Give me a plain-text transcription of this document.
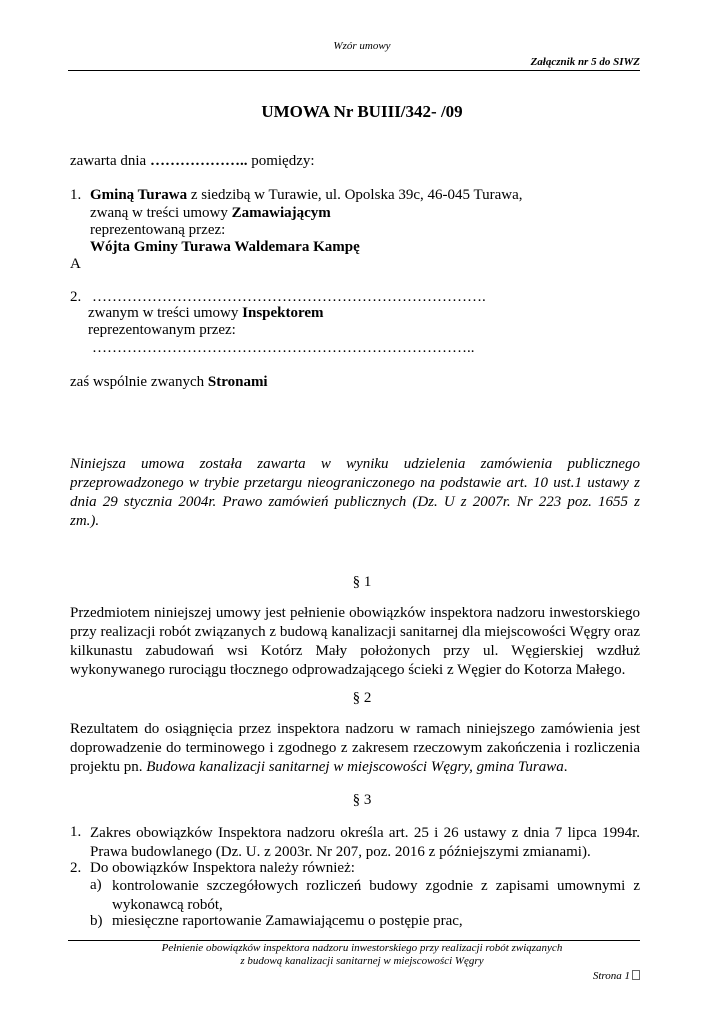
Wzór umowy
Załącznik nr 5 do SIWZ
UMOWA Nr BUIII/342- /09
zawarta dnia ……………….. pomiędzy:
1. Gminą Turawa z siedzibą w Turawie, ul. Opolska 39c, 46-045 Turawa,
zwaną w treści umowy Zamawiającym
reprezentowaną przez:
Wójta Gminy Turawa Waldemara Kampę
A
2. …………………………………………………………………….
zwanym w treści umowy Inspektorem
reprezentowanym przez:
…………………………………………………………………..
zaś wspólnie zwanych Stronami
Niniejsza umowa została zawarta w wyniku udzielenia zamówienia publicznego
przeprowadzonego w trybie przetargu nieograniczonego na podstawie art. 10 ust.1 ustawy z
dnia 29 stycznia 2004r. Prawo zamówień publicznych (Dz. U z 2007r. Nr 223 poz. 1655 z
zm.).
§ 1
Przedmiotem niniejszej umowy jest pełnienie obowiązków inspektora nadzoru inwestorskiego
przy realizacji robót związanych z budową kanalizacji sanitarnej dla miejscowości Węgry oraz
kilkunastu zabudowań wsi Kotórz Mały położonych przy ul. Węgierskiej wzdłuż
wykonywanego rurociągu tłocznego odprowadzającego ścieki z Węgier do Kotorza Małego.
§ 2
Rezultatem do osiągnięcia przez inspektora nadzoru w ramach niniejszego zamówienia jest
doprowadzenie do terminowego i zgodnego z zakresem rzeczowym zakończenia i rozliczenia
projektu pn. Budowa kanalizacji sanitarnej w miejscowości Węgry, gmina Turawa.
§ 3
1. Zakres obowiązków Inspektora nadzoru określa art. 25 i 26 ustawy z dnia 7 lipca 1994r.
Prawa budowlanego (Dz. U. z 2003r. Nr 207, poz. 2016 z późniejszymi zmianami).
2. Do obowiązków Inspektora należy również:
a) kontrolowanie szczegółowych rozliczeń budowy zgodnie z zapisami umownymi z
wykonawcą robót,
b) miesięczne raportowanie Zamawiającemu o postępie prac,
Pełnienie obowiązków inspektora nadzoru inwestorskiego przy realizacji robót związanych
z budową kanalizacji sanitarnej w miejscowości Węgry
Strona 1
